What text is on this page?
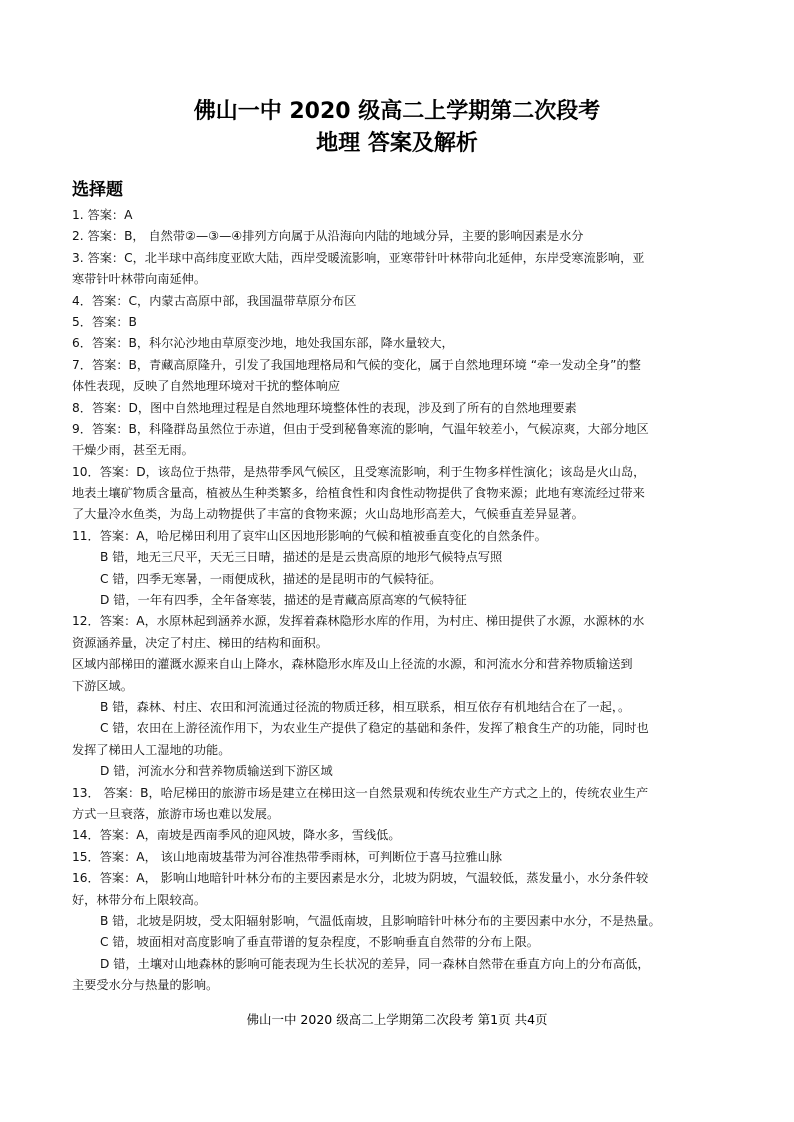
佛山一中 2020 级高二上学期第二次段考
地理 答案及解析
选择题
1. 答案：A
2. 答案：B， 自然带②—③—④排列方向属于从沿海向内陆的地域分异，主要的影响因素是水分
3. 答案：C，北半球中高纬度亚欧大陆，西岸受暖流影响，亚寒带针叶林带向北延伸，东岸受寒流影响，亚
寒带针叶林带向南延伸。
4．答案：C，内蒙古高原中部，我国温带草原分布区
5．答案：B
6．答案：B，科尔沁沙地由草原变沙地，地处我国东部，降水量较大，
7．答案：B，青藏高原隆升，引发了我国地理格局和气候的变化，属于自然地理环境 “牵一发动全身”的整
体性表现，反映了自然地理环境对干扰的整体响应
8．答案：D，图中自然地理过程是自然地理环境整体性的表现，涉及到了所有的自然地理要素
9．答案：B，科隆群岛虽然位于赤道，但由于受到秘鲁寒流的影响，气温年较差小，气候凉爽，大部分地区
干燥少雨，甚至无雨。
10．答案：D，该岛位于热带，是热带季风气候区，且受寒流影响，利于生物多样性演化；该岛是火山岛，
地表土壤矿物质含量高，植被丛生种类繁多，给植食性和肉食性动物提供了食物来源；此地有寒流经过带来
了大量冷水鱼类，为岛上动物提供了丰富的食物来源；火山岛地形高差大，气候垂直差异显著。
11．答案：A，哈尼梯田利用了哀牢山区因地形影响的气候和植被垂直变化的自然条件。
B 错，地无三尺平，天无三日晴，描述的是是云贵高原的地形气候特点写照
C 错，四季无寒暑，一雨便成秋，描述的是昆明市的气候特征。
D 错，一年有四季，全年备寒装，描述的是青藏高原高寒的气候特征
12．答案：A，水原林起到涵养水源，发挥着森林隐形水库的作用，为村庄、梯田提供了水源，水源林的水
资源涵养量，决定了村庄、梯田的结构和面积。
区域内部梯田的灌溉水源来自山上降水，森林隐形水库及山上径流的水源，和河流水分和营养物质输送到
下游区域。
B 错，森林、村庄、农田和河流通过径流的物质迁移，相互联系，相互依存有机地结合在了一起，。
C 错，农田在上游径流作用下，为农业生产提供了稳定的基础和条件，发挥了粮食生产的功能，同时也
发挥了梯田人工湿地的功能。
D 错，河流水分和营养物质输送到下游区域
13． 答案：B，哈尼梯田的旅游市场是建立在梯田这一自然景观和传统农业生产方式之上的，传统农业生产
方式一旦衰落，旅游市场也难以发展。
14．答案：A，南坡是西南季风的迎风坡，降水多，雪线低。
15．答案：A， 该山地南坡基带为河谷准热带季雨林，可判断位于喜马拉雅山脉
16．答案：A， 影响山地暗针叶林分布的主要因素是水分，北坡为阴坡，气温较低，蒸发量小，水分条件较
好，林带分布上限较高。
B 错，北坡是阴坡，受太阳辐射影响，气温低南坡，且影响暗针叶林分布的主要因素中水分，不是热量。
C 错，坡面相对高度影响了垂直带谱的复杂程度，不影响垂直自然带的分布上限。
D 错，土壤对山地森林的影响可能表现为生长状况的差异，同一森林自然带在垂直方向上的分布高低，
主要受水分与热量的影响。
佛山一中 2020 级高二上学期第二次段考 第1页 共4页
